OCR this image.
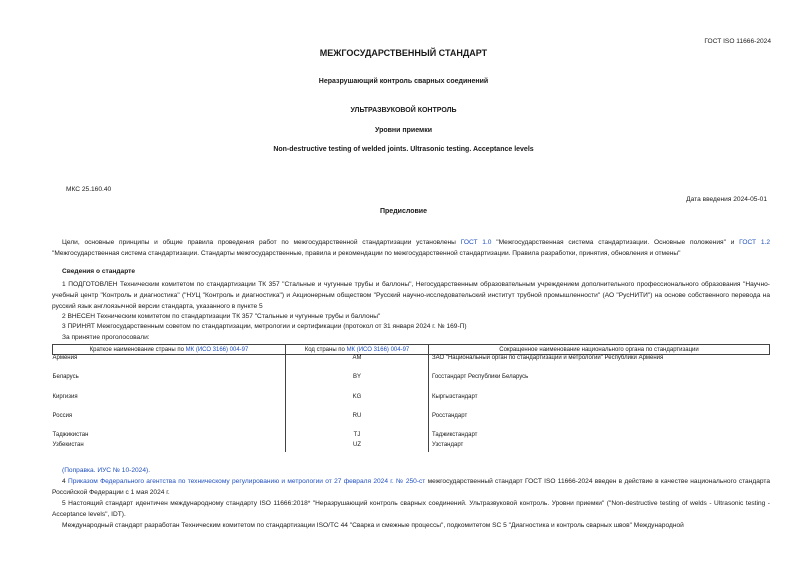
ГОСТ ISO 11666-2024
МЕЖГОСУДАРСТВЕННЫЙ СТАНДАРТ
Неразрушающий контроль сварных соединений
УЛЬТРАЗВУКОВОЙ КОНТРОЛЬ
Уровни приемки
Non-destructive testing of welded joints. Ultrasonic testing. Acceptance levels
МКС 25.160.40
Дата введения 2024-05-01
Предисловие
Цели, основные принципы и общие правила проведения работ по межгосударственной стандартизации установлены ГОСТ 1.0 "Межгосударственная система стандартизации. Основные положения" и ГОСТ 1.2 "Межгосударственная система стандартизации. Стандарты межгосударственные, правила и рекомендации по межгосударственной стандартизации. Правила разработки, принятия, обновления и отмены"
Сведения о стандарте
1 ПОДГОТОВЛЕН Техническим комитетом по стандартизации ТК 357 "Стальные и чугунные трубы и баллоны", Негосударственным образовательным учреждением дополнительного профессионального образования "Научно-учебный центр "Контроль и диагностика" ("НУЦ "Контроль и диагностика") и Акционерным обществом "Русский научно-исследовательский институт трубной промышленности" (АО "РусНИТИ") на основе собственного перевода на русский язык англоязычной версии стандарта, указанного в пункте 5
2 ВНЕСЕН Техническим комитетом по стандартизации ТК 357 "Стальные и чугунные трубы и баллоны"
3 ПРИНЯТ Межгосударственным советом по стандартизации, метрологии и сертификации (протокол от 31 января 2024 г. № 169-П)
За принятие проголосовали:
Краткое наименование страны по МК (ИСО 3166) 004-97	Код страны по МК (ИСО 3166) 004-97	Сокращенное наименование национального органа по стандартизации
Армения	AM	ЗАО "Национальный орган по стандартизации и метрологии" Республики Армения
Беларусь	BY	Госстандарт Республики Беларусь
Киргизия	KG	Кыргызстандарт
Россия	RU	Росстандарт
Таджикистан	TJ	Таджикстандарт
Узбекистан	UZ	Узстандарт
(Поправка. ИУС № 10-2024).
4 Приказом Федерального агентства по техническому регулированию и метрологии от 27 февраля 2024 г. № 250-ст межгосударственный стандарт ГОСТ ISO 11666-2024 введен в действие в качестве национального стандарта Российской Федерации с 1 мая 2024 г.
5 Настоящий стандарт идентичен международному стандарту ISO 11666:2018* "Неразрушающий контроль сварных соединений. Ультразвуковой контроль. Уровни приемки" ("Non-destructive testing of welds - Ultrasonic testing - Acceptance levels", IDT).
Международный стандарт разработан Техническим комитетом по стандартизации ISO/TC 44 "Сварка и смежные процессы", подкомитетом SC 5 "Диагностика и контроль сварных швов" Международной
